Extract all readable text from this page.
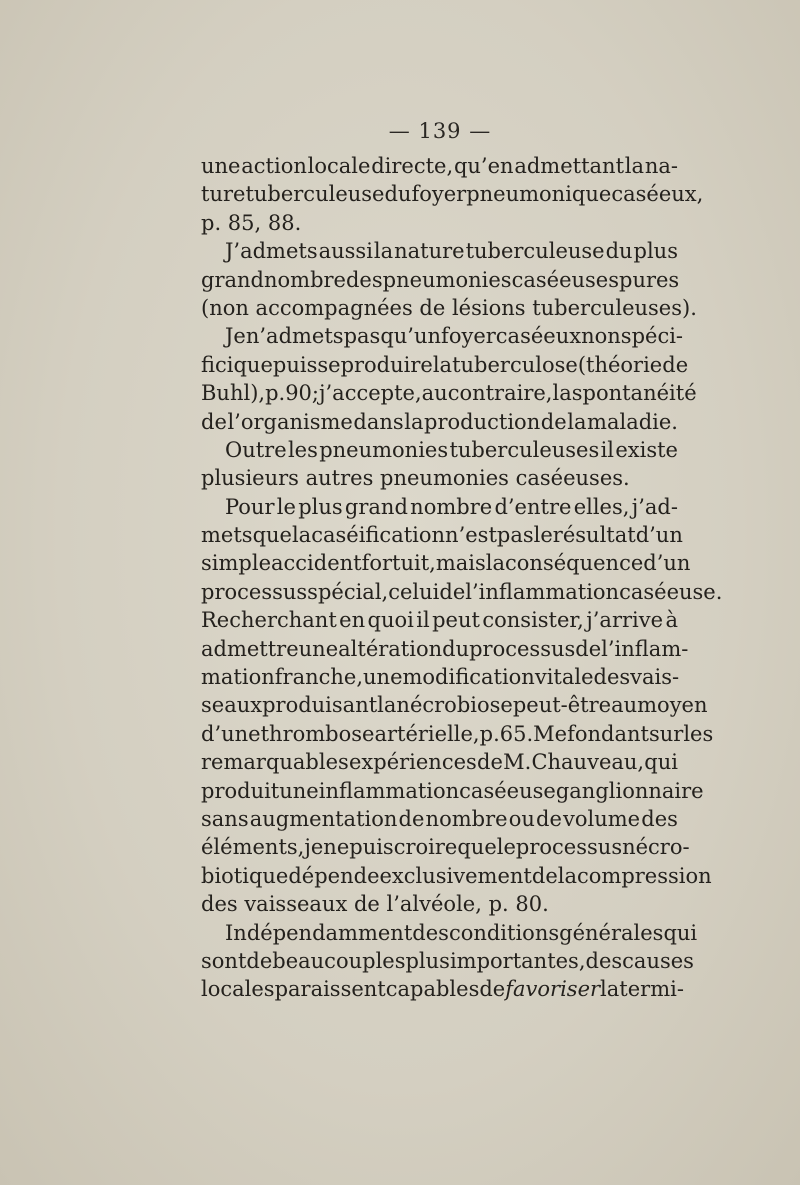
— 139 —
une action locale directe, qu’en admettant la na-
ture tuberculeuse du foyer pneumonique caséeux,
p. 85, 88.
J’admets aussi la nature tuberculeuse du plus
grand nombre des pneumonies caséeuses pures
(non accompagnées de lésions tuberculeuses).
Je n’admets pas qu’un foyer caséeux non spéci-
ficique puisse produire la tuberculose (théorie de
Buhl),p. 90; j’accepte, au contraire, la spontanéité
de l’organisme dans la production de la maladie.
Outre les pneumonies tuberculeuses il existe
plusieurs autres pneumonies caséeuses.
Pour le plus grand nombre d’entre elles, j’ad-
mets que la caséification n’est pas le résultat d’un
simple accident fortuit, mais la conséquence d’un
processus spécial, celui de l’inflammation caséeuse.
Recherchant en quoi il peut consister, j’arrive à
admettre une altération du processus de l’inflam-
mation franche, une modification vitale des vais-
seaux produisant la nécrobiose peut-être au moyen
d’une thrombose artérielle, p. 65. Me fondant sur les
remarquables expériences de M. Chauveau, qui
produit une inflammation caséeuse ganglionnaire
sans augmentation de nombre ou de volume des
éléments, je ne puis croire que le processus nécro-
biotique dépende exclusivement de la compression
des vaisseaux de l’alvéole, p. 80.
Indépendamment des conditions générales qui
sont de beaucoup les plus importantes, des causes
locales paraissent capables de favoriser la termi-
